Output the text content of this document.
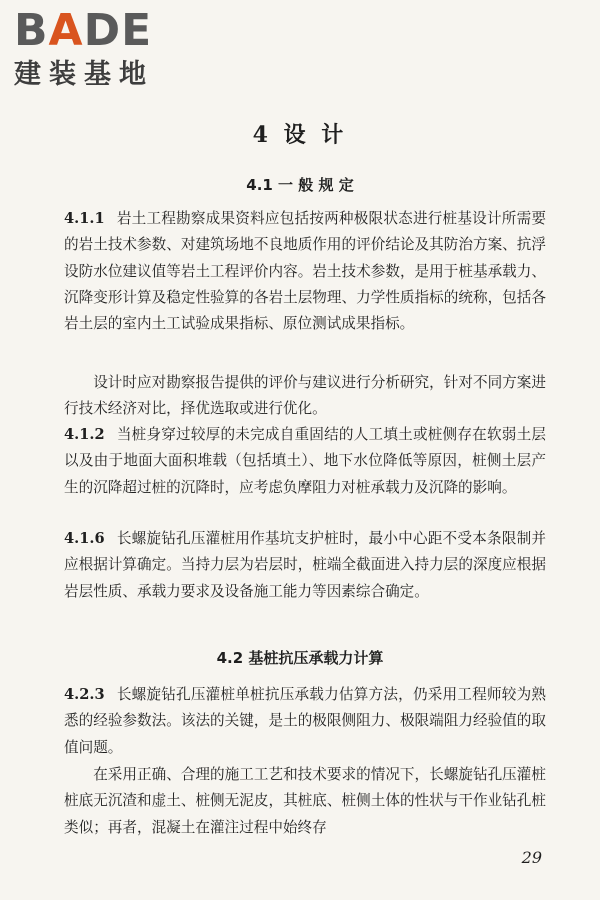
BADE
建装基地
4 设 计
4.1 一 般 规 定
4.1.1 岩土工程勘察成果资料应包括按两种极限状态进行桩基设计所需要的岩土技术参数、对建筑场地不良地质作用的评价结论及其防治方案、抗浮设防水位建议值等岩土工程评价内容。岩土技术参数，是用于桩基承载力、沉降变形计算及稳定性验算的各岩土层物理、力学性质指标的统称，包括各岩土层的室内土工试验成果指标、原位测试成果指标。
设计时应对勘察报告提供的评价与建议进行分析研究，针对不同方案进行技术经济对比，择优选取或进行优化。
4.1.2 当桩身穿过较厚的未完成自重固结的人工填土或桩侧存在软弱土层以及由于地面大面积堆载（包括填土）、地下水位降低等原因，桩侧土层产生的沉降超过桩的沉降时，应考虑负摩阻力对桩承载力及沉降的影响。
4.1.6 长螺旋钻孔压灌桩用作基坑支护桩时，最小中心距不受本条限制并应根据计算确定。当持力层为岩层时，桩端全截面进入持力层的深度应根据岩层性质、承载力要求及设备施工能力等因素综合确定。
4.2 基桩抗压承载力计算
4.2.3 长螺旋钻孔压灌桩单桩抗压承载力估算方法，仍采用工程师较为熟悉的经验参数法。该法的关键，是土的极限侧阻力、极限端阻力经验值的取值问题。
在采用正确、合理的施工工艺和技术要求的情况下，长螺旋钻孔压灌桩桩底无沉渣和虚土、桩侧无泥皮，其桩底、桩侧土体的性状与干作业钻孔桩类似；再者，混凝土在灌注过程中始终存
29
